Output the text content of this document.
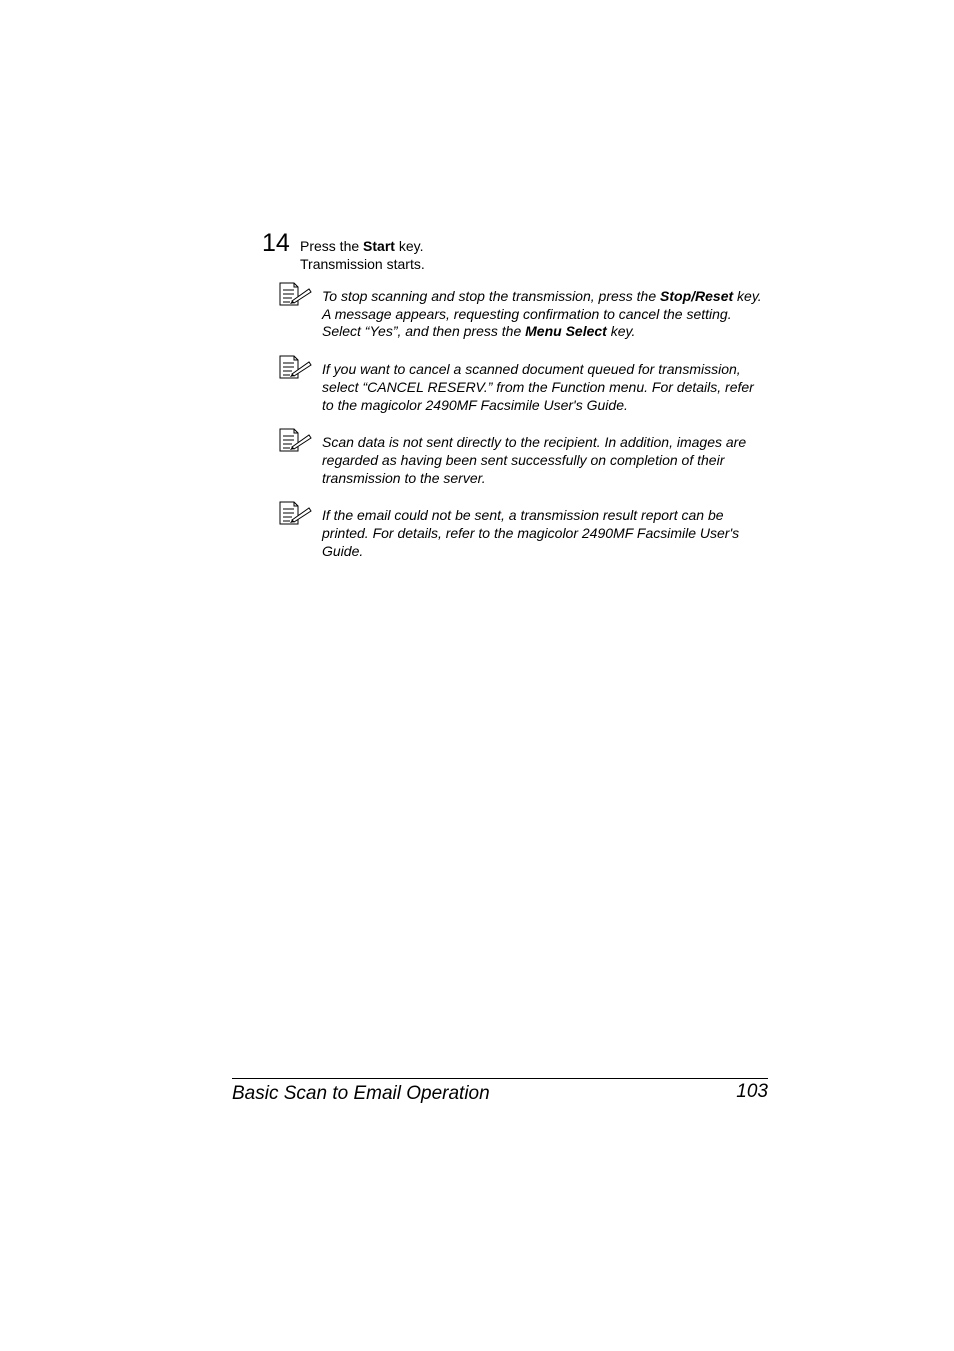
14 Press the Start key.

Transmission starts.

To stop scanning and stop the transmission, press the Stop/Reset key. A message appears, requesting confirmation to cancel the setting. Select “Yes”, and then press the Menu Select key.

If you want to cancel a scanned document queued for transmission, select “CANCEL RESERV.” from the Function menu. For details, refer to the magicolor 2490MF Facsimile User's Guide.

Scan data is not sent directly to the recipient. In addition, images are regarded as having been sent successfully on completion of their transmission to the server.

If the email could not be sent, a transmission result report can be printed. For details, refer to the magicolor 2490MF Facsimile User's Guide.

Basic Scan to Email Operation	103
